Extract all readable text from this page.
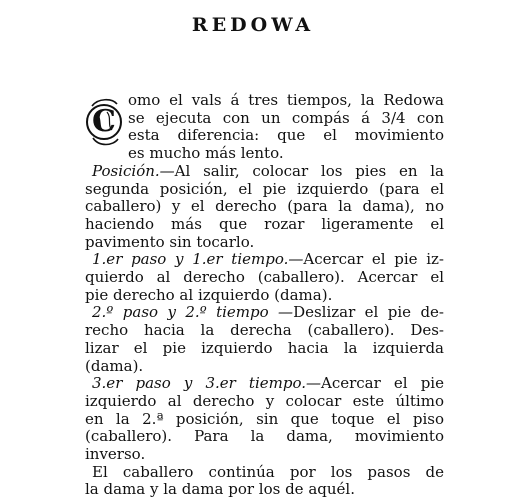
REDOWA
C
omo el vals á tres tiempos, la Redowa
se ejecuta con un compás á 3/4 con
esta diferencia: que el movimiento
es mucho más lento.
Posición.—Al salir, colocar los pies en la
segunda posición, el pie izquierdo (para el
caballero) y el derecho (para la dama), no
haciendo más que rozar ligeramente el
pavimento sin tocarlo.
1.er paso y 1.er tiempo.—Acercar el pie iz-
quierdo al derecho (caballero). Acercar el
pie derecho al izquierdo (dama).
2.º paso y 2.º tiempo —Deslizar el pie de-
recho hacia la derecha (caballero). Des-
lizar el pie izquierdo hacia la izquierda
(dama).
3.er paso y 3.er tiempo.—Acercar el pie
izquierdo al derecho y colocar este último
en la 2.ª posición, sin que toque el piso
(caballero). Para la dama, movimiento
inverso.
El caballero continúa por los pasos de
la dama y la dama por los de aquél.
